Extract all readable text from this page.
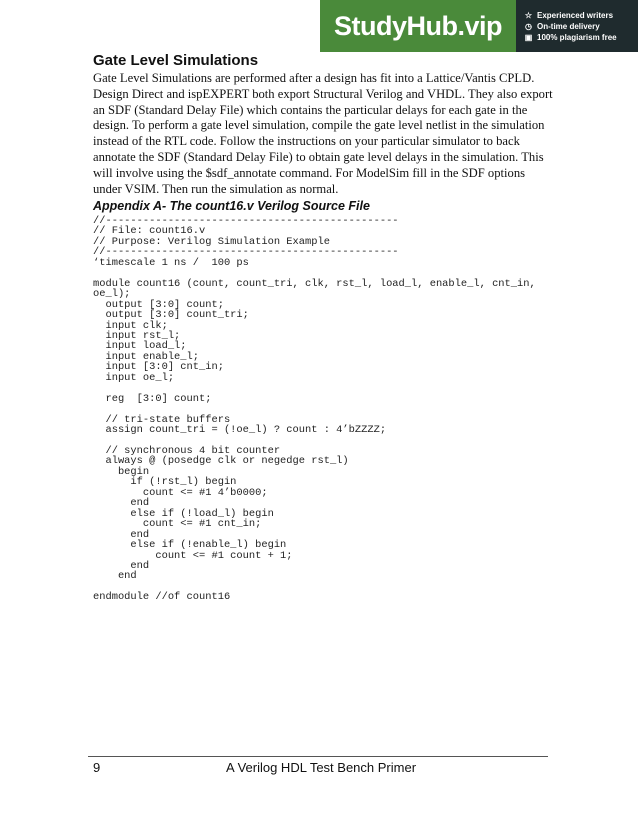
StudyHub.vip	☆ Experienced writers
◷ On-time delivery
▣ 100% plagiarism free
Gate Level Simulations

Gate Level Simulations are performed after a design has fit into a Lattice/Vantis CPLD. Design Direct and ispEXPERT both export Structural Verilog and VHDL. They also export an SDF (Standard Delay File) which contains the particular delays for each gate in the design. To perform a gate level simulation, compile the gate level netlist in the simulation instead of the RTL code. Follow the instructions on your particular simulator to back annotate the SDF (Standard Delay File) to obtain gate level delays in the simulation. This will involve using the $sdf_annotate command. For ModelSim fill in the SDF options under VSIM. Then run the simulation as normal.

Appendix A- The count16.v Verilog Source File
//-----------------------------------------------
// File: count16.v
// Purpose: Verilog Simulation Example
//-----------------------------------------------
‘timescale 1 ns /  100 ps

module count16 (count, count_tri, clk, rst_l, load_l, enable_l, cnt_in,
oe_l);
output [3:0] count;
output [3:0] count_tri;
input clk;
input rst_l;
input load_l;
input enable_l;
input [3:0] cnt_in;
input oe_l;

reg  [3:0] count;

// tri-state buffers
assign count_tri = (!oe_l) ? count : 4’bZZZZ;

// synchronous 4 bit counter
always @ (posedge clk or negedge rst_l)
begin
if (!rst_l) begin
count <= #1 4’b0000;
end
else if (!load_l) begin
count <= #1 cnt_in;
end
else if (!enable_l) begin
count <= #1 count + 1;
end
end

endmodule //of count16
9	A Verilog HDL Test Bench Primer
